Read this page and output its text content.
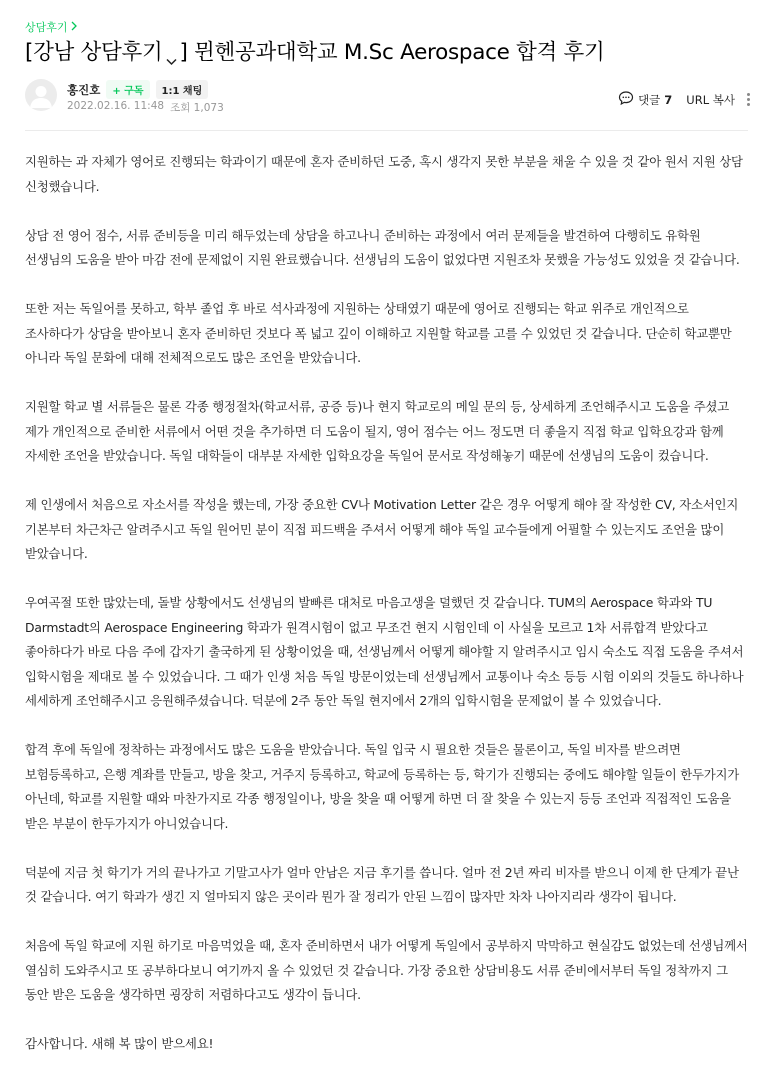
상담후기
[강남 상담후기 ] 뮌헨공과대학교 M.Sc Aerospace 합격 후기
홍진호	+ 구독	1:1 채팅
2022.02.16. 11:48 조회 1,073
댓글 7 URL 복사

지원하는 과 자체가 영어로 진행되는 학과이기 때문에 혼자 준비하던 도중, 혹시 생각지 못한 부분을 채울 수 있을 것 같아 원서 지원 상담 신청했습니다.

상담 전 영어 점수, 서류 준비등을 미리 해두었는데 상담을 하고나니 준비하는 과정에서 여러 문제들을 발견하여 다행히도 유학원 선생님의 도움을 받아 마감 전에 문제없이 지원 완료했습니다. 선생님의 도움이 없었다면 지원조차 못했을 가능성도 있었을 것 같습니다.

또한 저는 독일어를 못하고, 학부 졸업 후 바로 석사과정에 지원하는 상태였기 때문에 영어로 진행되는 학교 위주로 개인적으로 조사하다가 상담을 받아보니 혼자 준비하던 것보다 폭 넓고 깊이 이해하고 지원할 학교를 고를 수 있었던 것 같습니다. 단순히 학교뿐만 아니라 독일 문화에 대해 전체적으로도 많은 조언을 받았습니다.

지원할 학교 별 서류들은 물론 각종 행정절차(학교서류, 공증 등)나 현지 학교로의 메일 문의 등, 상세하게 조언해주시고 도움을 주셨고 제가 개인적으로 준비한 서류에서 어떤 것을 추가하면 더 도움이 될지, 영어 점수는 어느 정도면 더 좋을지 직접 학교 입학요강과 함께 자세한 조언을 받았습니다. 독일 대학들이 대부분 자세한 입학요강을 독일어 문서로 작성해놓기 때문에 선생님의 도움이 컸습니다.

제 인생에서 처음으로 자소서를 작성을 했는데, 가장 중요한 CV나 Motivation Letter 같은 경우 어떻게 해야 잘 작성한 CV, 자소서인지 기본부터 차근차근 알려주시고 독일 원어민 분이 직접 피드백을 주셔서 어떻게 해야 독일 교수들에게 어필할 수 있는지도 조언을 많이 받았습니다.

우여곡절 또한 많았는데, 돌발 상황에서도 선생님의 발빠른 대처로 마음고생을 덜했던 것 같습니다. TUM의 Aerospace 학과와 TU Darmstadt의 Aerospace Engineering 학과가 원격시험이 없고 무조건 현지 시험인데 이 사실을 모르고 1차 서류합격 받았다고 좋아하다가 바로 다음 주에 갑자기 출국하게 된 상황이었을 때, 선생님께서 어떻게 해야할 지 알려주시고 임시 숙소도 직접 도움을 주셔서 입학시험을 제대로 볼 수 있었습니다. 그 때가 인생 처음 독일 방문이었는데 선생님께서 교통이나 숙소 등등 시험 이외의 것들도 하나하나 세세하게 조언해주시고 응원해주셨습니다. 덕분에 2주 동안 독일 현지에서 2개의 입학시험을 문제없이 볼 수 있었습니다.

합격 후에 독일에 정착하는 과정에서도 많은 도움을 받았습니다. 독일 입국 시 필요한 것들은 물론이고, 독일 비자를 받으려면 보험등록하고, 은행 계좌를 만들고, 방을 찾고, 거주지 등록하고, 학교에 등록하는 등, 학기가 진행되는 중에도 해야할 일들이 한두가지가 아닌데, 학교를 지원할 때와 마찬가지로 각종 행정일이나, 방을 찾을 때 어떻게 하면 더 잘 찾을 수 있는지 등등 조언과 직접적인 도움을 받은 부분이 한두가지가 아니었습니다.

덕분에 지금 첫 학기가 거의 끝나가고 기말고사가 얼마 안남은 지금 후기를 씁니다. 얼마 전 2년 짜리 비자를 받으니 이제 한 단계가 끝난 것 같습니다. 여기 학과가 생긴 지 얼마되지 않은 곳이라 뭔가 잘 정리가 안된 느낌이 많자만 차차 나아지리라 생각이 됩니다.

처음에 독일 학교에 지원 하기로 마음먹었을 때, 혼자 준비하면서 내가 어떻게 독일에서 공부하지 막막하고 현실감도 없었는데 선생님께서 열심히 도와주시고 또 공부하다보니 여기까지 올 수 있었던 것 같습니다. 가장 중요한 상담비용도 서류 준비에서부터 독일 정착까지 그 동안 받은 도움을 생각하면 굉장히 저렴하다고도 생각이 듭니다.

감사합니다. 새해 복 많이 받으세요!
